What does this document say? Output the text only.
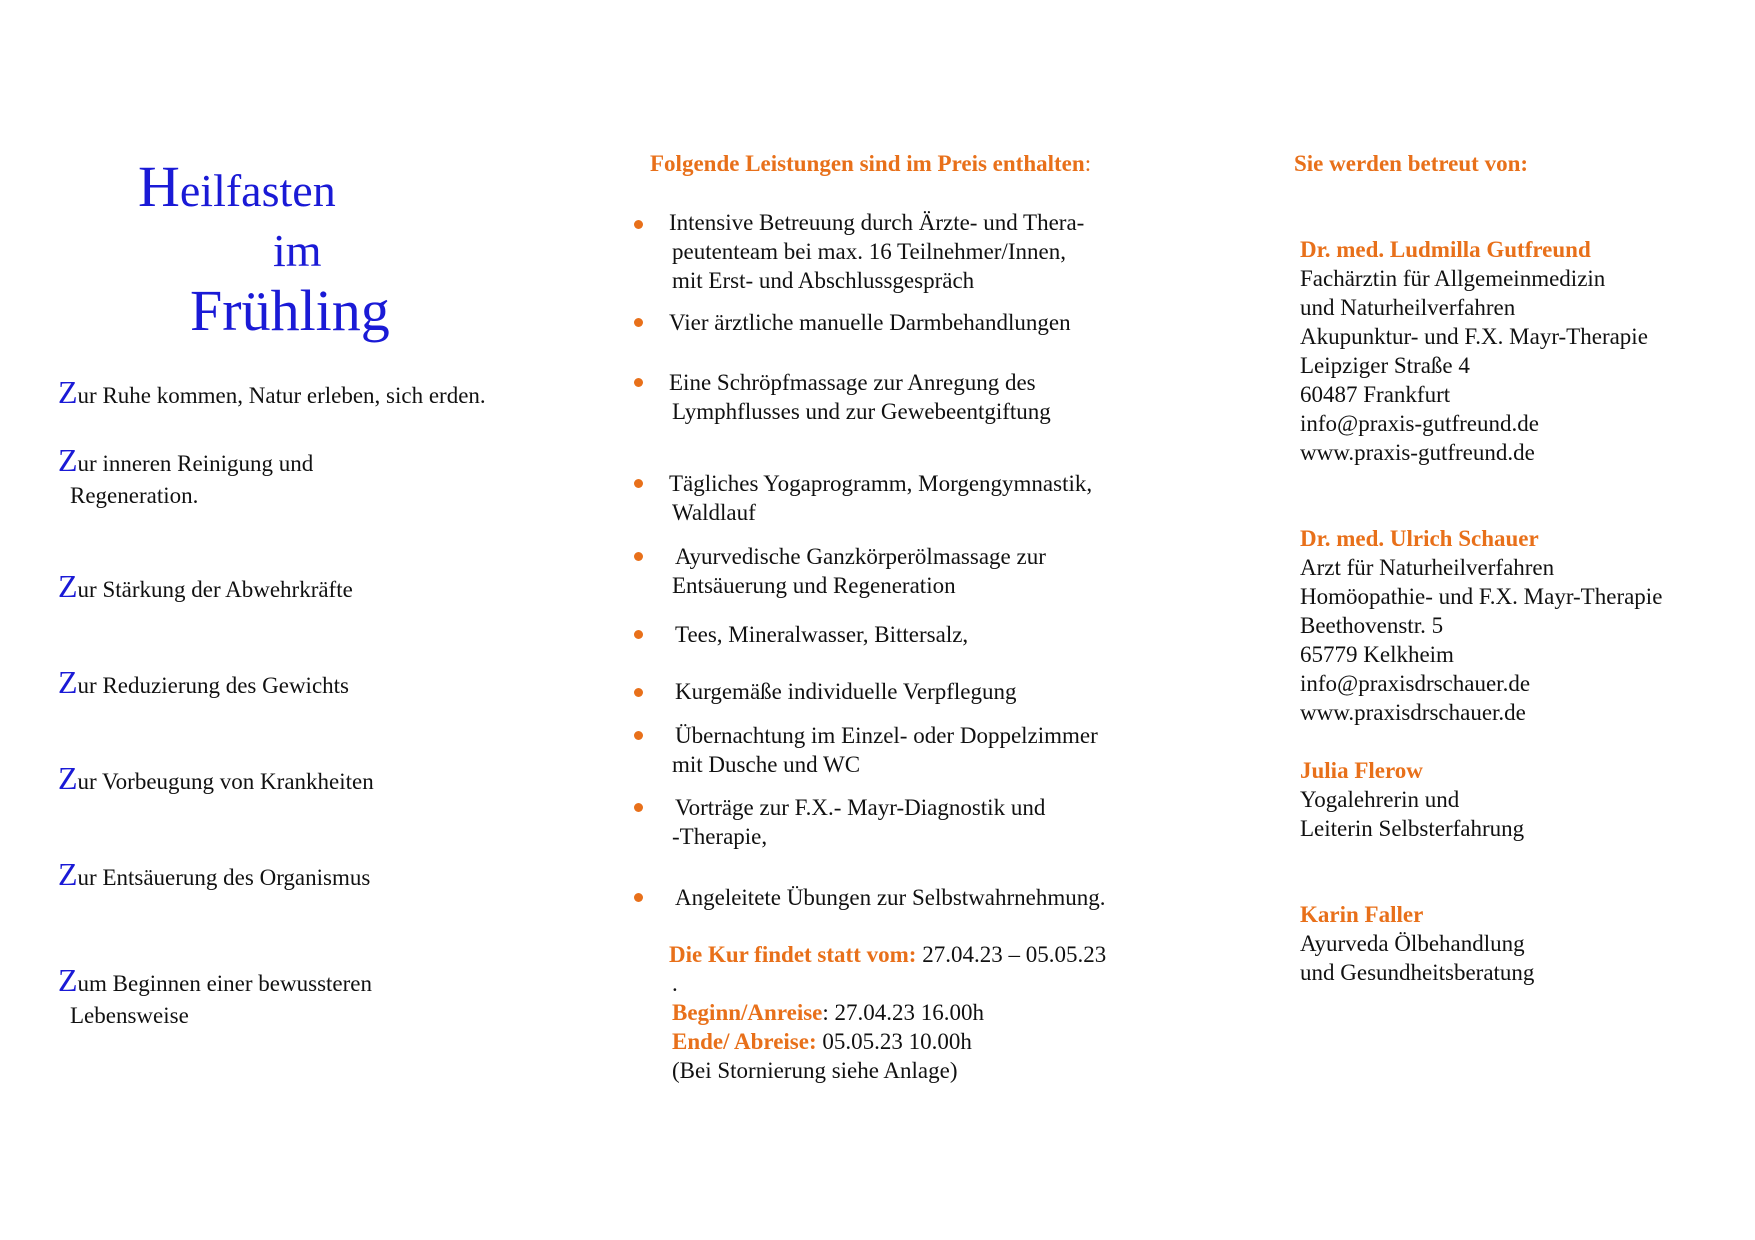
Heilfasten
im
Frühling
Zur Ruhe kommen, Natur erleben, sich erden.
Zur inneren Reinigung und
Regeneration.
Zur Stärkung der Abwehrkräfte
Zur Reduzierung des Gewichts
Zur Vorbeugung von Krankheiten
Zur Entsäuerung des Organismus
Zum Beginnen einer bewussteren
Lebensweise
Folgende Leistungen sind im Preis enthalten:
Intensive Betreuung durch Ärzte- und Thera-
peutenteam bei max. 16 Teilnehmer/Innen,
mit Erst- und Abschlussgespräch
Vier ärztliche manuelle Darmbehandlungen
Eine Schröpfmassage zur Anregung des
Lymphflusses und zur Gewebeentgiftung
Tägliches Yogaprogramm, Morgengymnastik,
Waldlauf
Ayurvedische Ganzkörperölmassage zur
Entsäuerung und Regeneration
Tees, Mineralwasser, Bittersalz,
Kurgemäße individuelle Verpflegung
Übernachtung im Einzel- oder Doppelzimmer
mit Dusche und WC
Vorträge zur F.X.- Mayr-Diagnostik und
-Therapie,
Angeleitete Übungen zur Selbstwahrnehmung.
Die Kur findet statt vom: 27.04.23 – 05.05.23
.
Beginn/Anreise: 27.04.23 16.00h
Ende/ Abreise: 05.05.23 10.00h
(Bei Stornierung siehe Anlage)
Sie werden betreut von:
Dr. med. Ludmilla Gutfreund
Fachärztin für Allgemeinmedizin
und Naturheilverfahren
Akupunktur- und F.X. Mayr-Therapie
Leipziger Straße 4
60487 Frankfurt
info@praxis-gutfreund.de
www.praxis-gutfreund.de
Dr. med. Ulrich Schauer
Arzt für Naturheilverfahren
Homöopathie- und F.X. Mayr-Therapie
Beethovenstr. 5
65779 Kelkheim
info@praxisdrschauer.de
www.praxisdrschauer.de
Julia Flerow
Yogalehrerin und
Leiterin Selbsterfahrung
Karin Faller
Ayurveda Ölbehandlung
und Gesundheitsberatung
